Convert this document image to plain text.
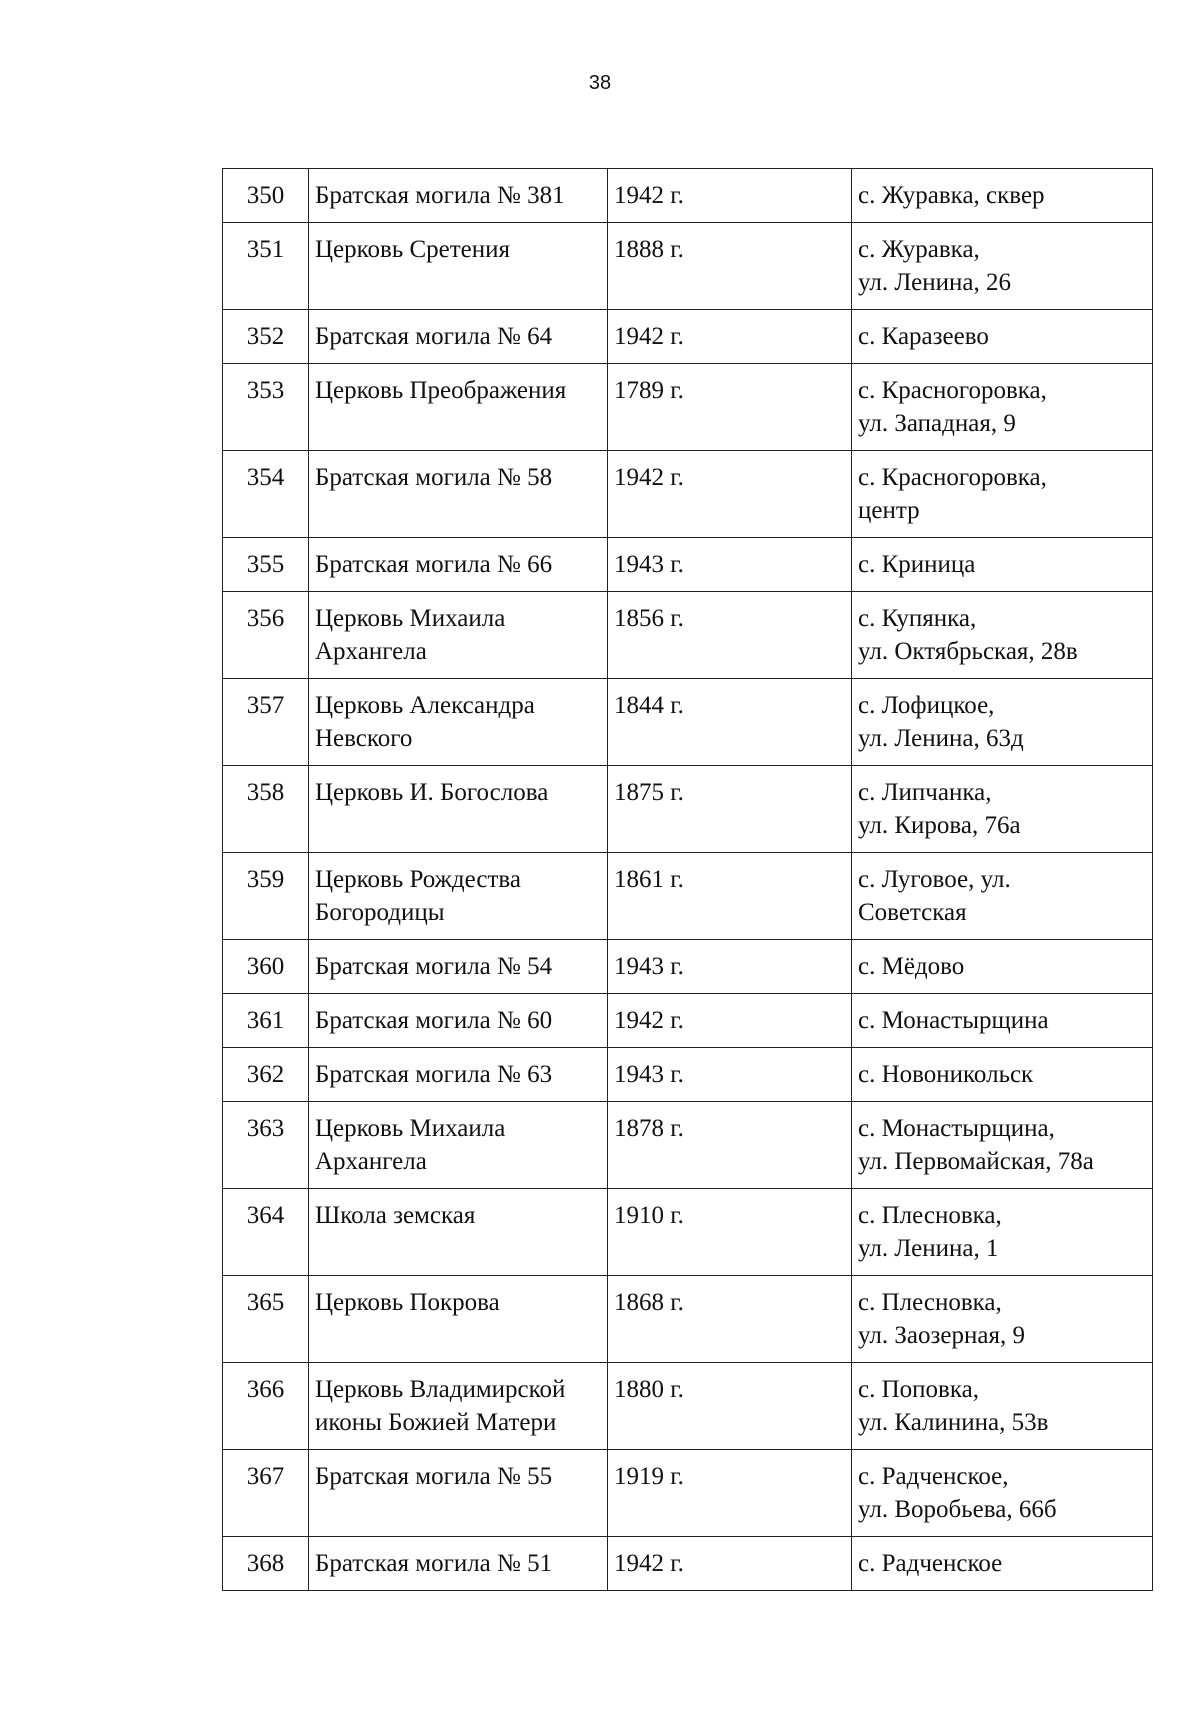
38
350	Братская могила № 381	1942 г.	с. Журавка, сквер

351	Церковь Сретения	1888 г.	с. Журавка,
ул. Ленина, 26

352	Братская могила № 64	1942 г.	с. Каразеево

353	Церковь Преображения	1789 г.	с. Красногоровка,
ул. Западная, 9

354	Братская могила № 58	1942 г.	с. Красногоровка,
центр

355	Братская могила № 66	1943 г.	с. Криница

356	Церковь Михаила
Архангела	1856 г.	с. Купянка,
ул. Октябрьская, 28в

357	Церковь Александра
Невского	1844 г.	с. Лофицкое,
ул. Ленина, 63д

358	Церковь И. Богослова	1875 г.	с. Липчанка,
ул. Кирова, 76а

359	Церковь Рождества
Богородицы	1861 г.	с. Луговое, ул.
Советская

360	Братская могила № 54	1943 г.	с. Мёдово

361	Братская могила № 60	1942 г.	с. Монастырщина

362	Братская могила № 63	1943 г.	с. Новоникольск

363	Церковь Михаила
Архангела	1878 г.	с. Монастырщина,
ул. Первомайская, 78а

364	Школа земская	1910 г.	с. Плесновка,
ул. Ленина, 1

365	Церковь Покрова	1868 г.	с. Плесновка,
ул. Заозерная, 9

366	Церковь Владимирской
иконы Божией Матери	1880 г.	с. Поповка,
ул. Калинина, 53в

367	Братская могила № 55	1919 г.	с. Радченское,
ул. Воробьева, 66б

368	Братская могила № 51	1942 г.	с. Радченское
